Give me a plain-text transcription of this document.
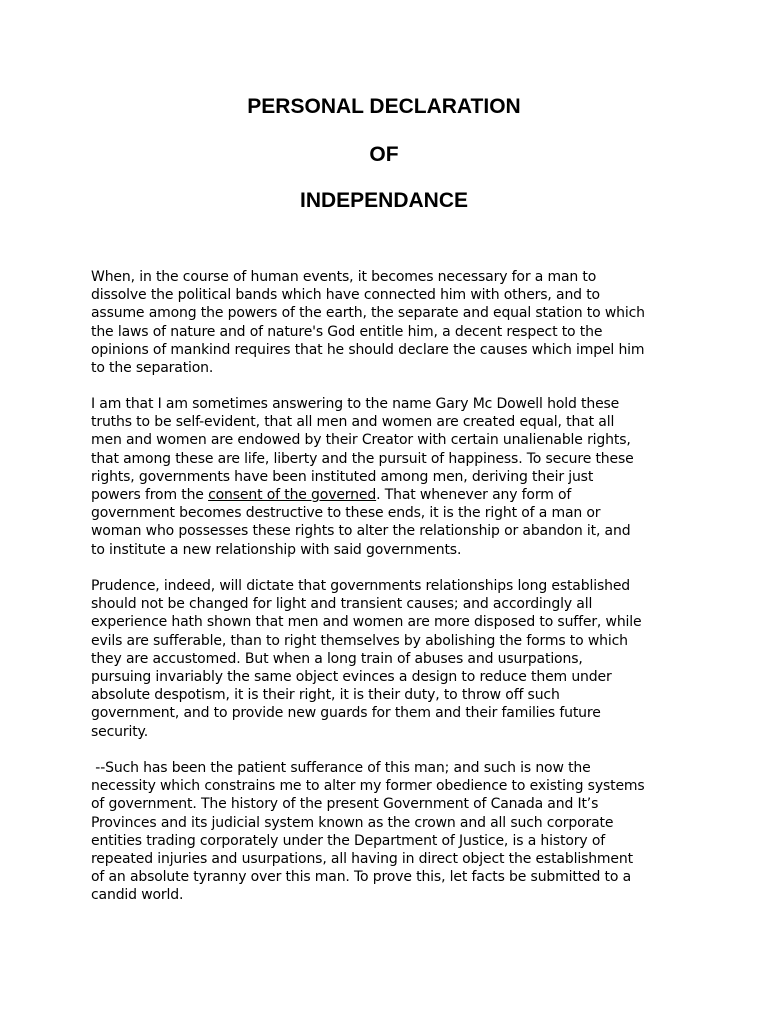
PERSONAL DECLARATION
OF
INDEPENDANCE

When, in the course of human events, it becomes necessary for a man to
dissolve the political bands which have connected him with others, and to
assume among the powers of the earth, the separate and equal station to which
the laws of nature and of nature's God entitle him, a decent respect to the
opinions of mankind requires that he should declare the causes which impel him
to the separation.

I am that I am sometimes answering to the name Gary Mc Dowell hold these
truths to be self-evident, that all men and women are created equal, that all
men and women are endowed by their Creator with certain unalienable rights,
that among these are life, liberty and the pursuit of happiness. To secure these
rights, governments have been instituted among men, deriving their just
powers from the consent of the governed. That whenever any form of
government becomes destructive to these ends, it is the right of a man or
woman who possesses these rights to alter the relationship or abandon it, and
to institute a new relationship with said governments.

Prudence, indeed, will dictate that governments relationships long established
should not be changed for light and transient causes; and accordingly all
experience hath shown that men and women are more disposed to suffer, while
evils are sufferable, than to right themselves by abolishing the forms to which
they are accustomed. But when a long train of abuses and usurpations,
pursuing invariably the same object evinces a design to reduce them under
absolute despotism, it is their right, it is their duty, to throw off such
government, and to provide new guards for them and their families future
security.

--Such has been the patient sufferance of this man; and such is now the
necessity which constrains me to alter my former obedience to existing systems
of government. The history of the present Government of Canada and It’s
Provinces and its judicial system known as the crown and all such corporate
entities trading corporately under the Department of Justice, is a history of
repeated injuries and usurpations, all having in direct object the establishment
of an absolute tyranny over this man. To prove this, let facts be submitted to a
candid world.
